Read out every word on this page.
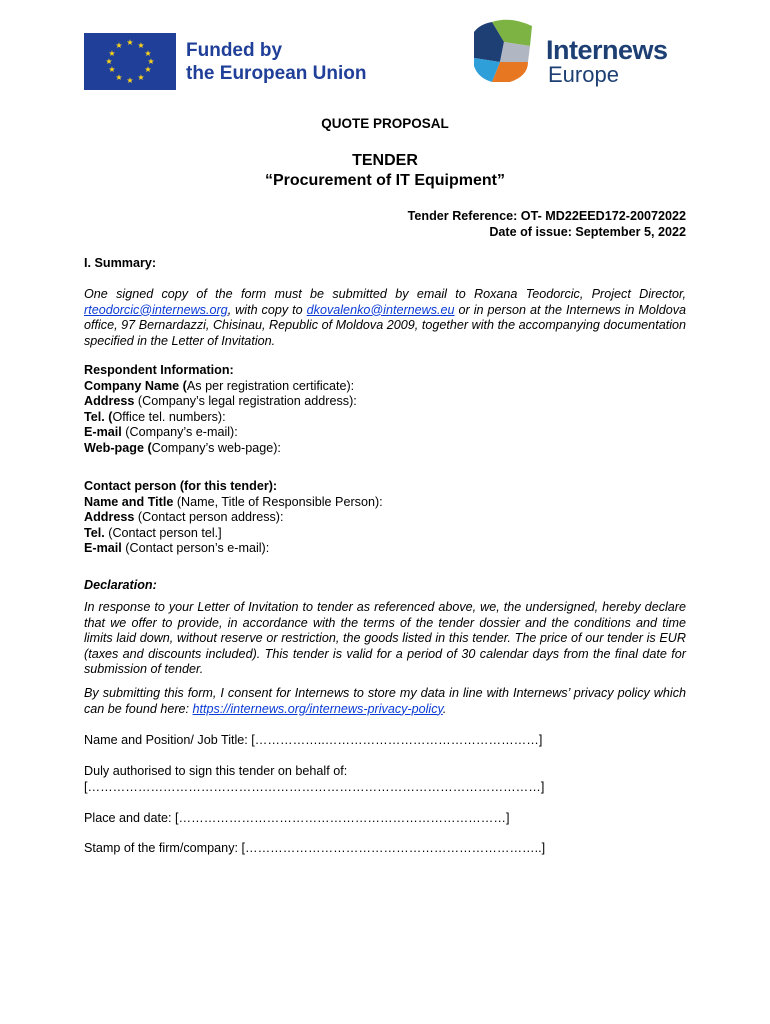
★ ★
★
★
★
★
★
★
★
★
★
★	Funded by
the European Union
Internews
Europe
QUOTE PROPOSAL
TENDER
“Procurement of IT Equipment”
Tender Reference: OT- MD22EED172-20072022
Date of issue: September 5, 2022
I. Summary:
One signed copy of the form must be submitted by email to Roxana Teodorcic, Project Director, rteodorcic@internews.org, with copy to dkovalenko@internews.eu or in person at the Internews in Moldova office, 97 Bernardazzi, Chisinau, Republic of Moldova 2009, together with the accompanying documentation specified in the Letter of Invitation.
Respondent Information:
Company Name (As per registration certificate):
Address (Company’s legal registration address):
Tel. (Office tel. numbers):
E-mail (Company’s e-mail):
Web-page (Company’s web-page):
Contact person (for this tender):
Name and Title (Name, Title of Responsible Person):
Address (Contact person address):
Tel. (Contact person tel.]
E-mail (Contact person’s e-mail):
Declaration:
In response to your Letter of Invitation to tender as referenced above, we, the undersigned, hereby declare that we offer to provide, in accordance with the terms of the tender dossier and the conditions and time limits laid down, without reserve or restriction, the goods listed in this tender. The price of our tender is EUR (taxes and discounts included). This tender is valid for a period of 30 calendar days from the final date for submission of tender.
By submitting this form, I consent for Internews to store my data in line with Internews’ privacy policy which can be found here: https://internews.org/internews-privacy-policy.
Name and Position/ Job Title: [……………..……………………………………………]
Duly authorised to sign this tender on behalf of:
[………………………………………………………………………………………………]
Place and date: [……………………………………………………………………]
Stamp of the firm/company: [……………………………………………………………..]
